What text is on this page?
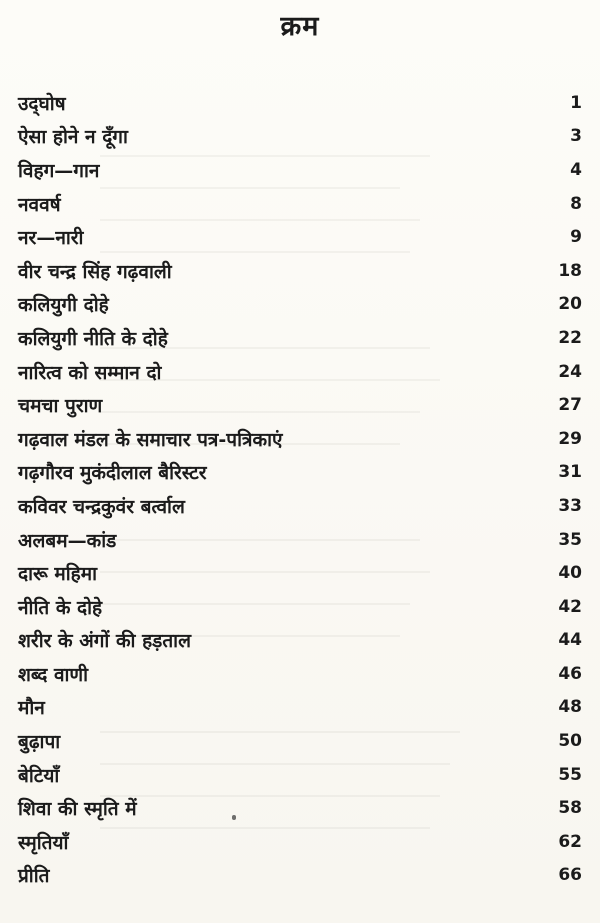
क्रम
उद्‌घोष	1
ऐसा होने न दूँगा	3
विहग—गान	4
नववर्ष	8
नर—नारी	9
वीर चन्द्र सिंह गढ़वाली	18
कलियुगी दोहे	20
कलियुगी नीति के दोहे	22
नारित्व को सम्मान दो	24
चमचा पुराण	27
गढ़वाल मंडल के समाचार पत्र-पत्रिकाएं	29
गढ़गौरव मुकंदीलाल बैरिस्टर	31
कविवर चन्द्रकुवंर बर्त्वाल	33
अलबम—कांड	35
दारू महिमा	40
नीति के दोहे	42
शरीर के अंगों की हड़ताल	44
शब्द वाणी	46
मौन	48
बुढ़ापा	50
बेटियाँ	55
शिवा की स्मृति में	58
स्मृतियाँ	62
प्रीति	66
